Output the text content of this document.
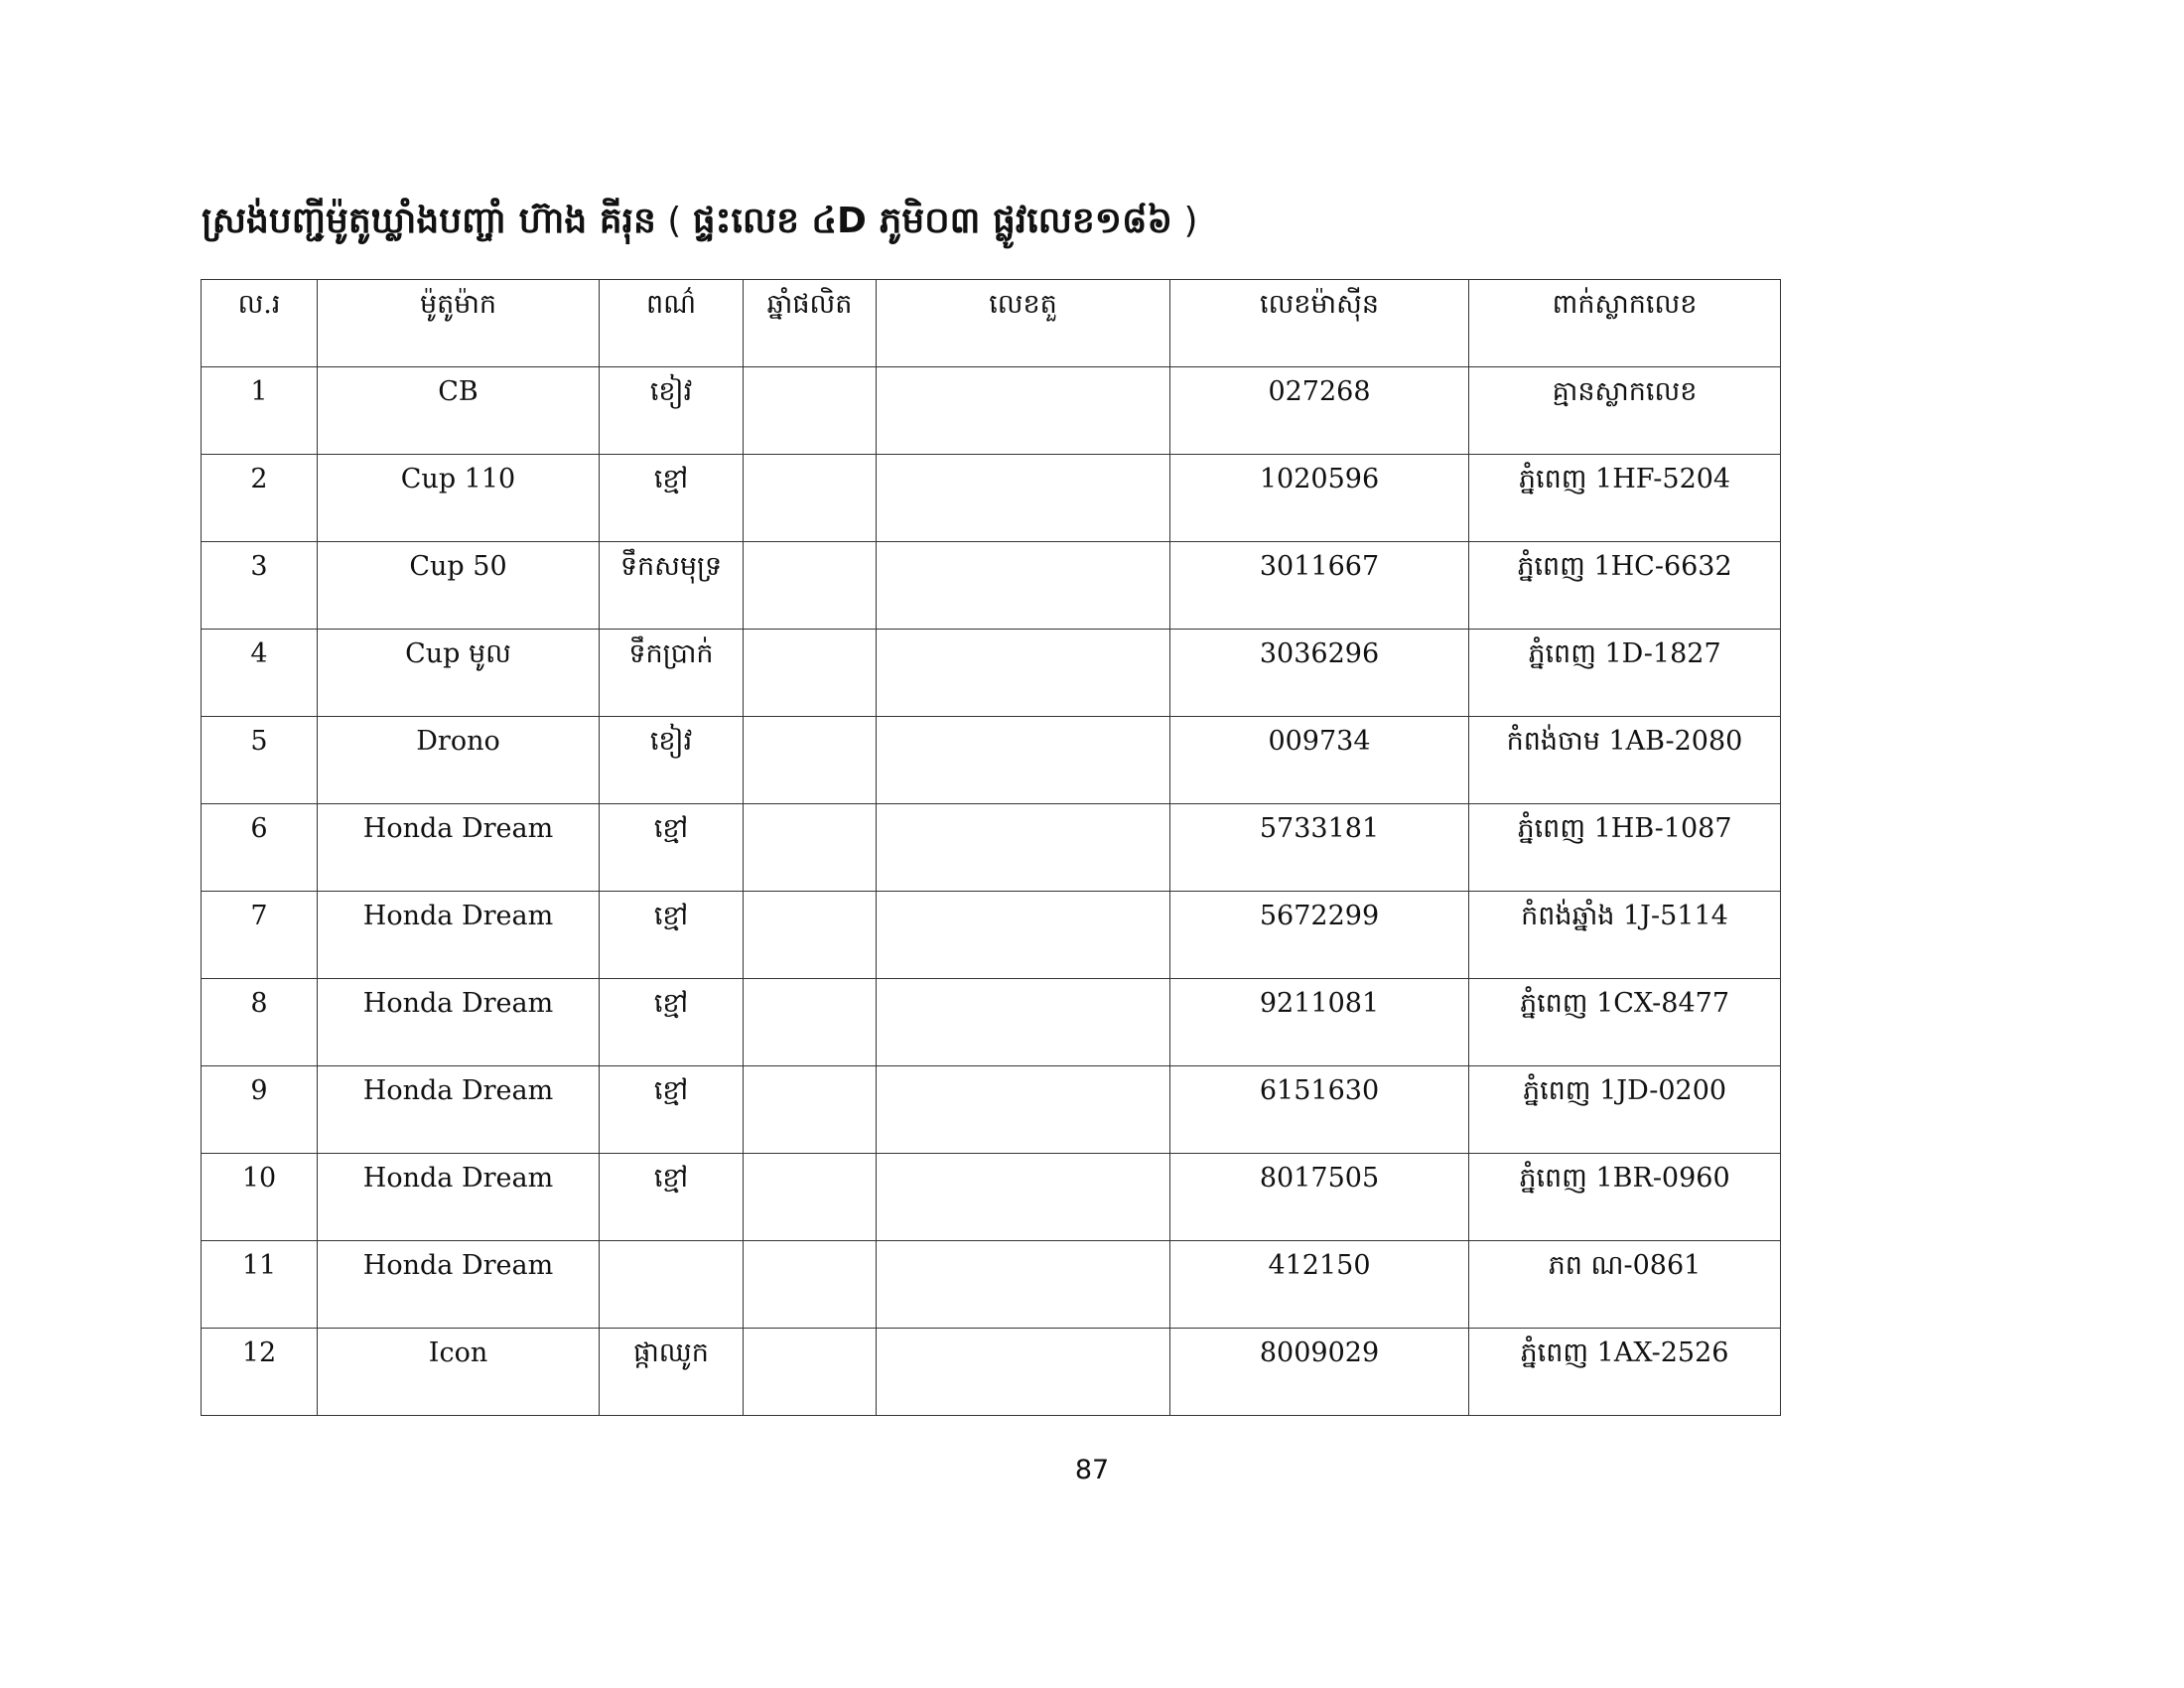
ស្រង់បញ្ជីម៉ូតូឃ្លាំងបញ្ចាំ ហ៊ាង គីរុន ( ផ្ទះលេខ ៤D ភូមិ០៣ ផ្លូវលេខ១៨៦ )
ល.រ	ម៉ូតូម៉ាក	ពណ៌	ឆ្នាំផលិត	លេខតួ	លេខម៉ាស៊ីន	ពាក់ស្លាកលេខ

1	CB	ខៀវ			027268	គ្មានស្លាកលេខ

2	Cup 110	ខ្មៅ			1020596	ភ្នំពេញ 1HF-5204

3	Cup 50	ទឹកសមុទ្រ			3011667	ភ្នំពេញ 1HC-6632

4	Cup មូល	ទឹកប្រាក់			3036296	ភ្នំពេញ 1D-1827

5	Drono	ខៀវ			009734	កំពង់ចាម 1AB-2080

6	Honda Dream	ខ្មៅ			5733181	ភ្នំពេញ 1HB-1087

7	Honda Dream	ខ្មៅ			5672299	កំពង់ឆ្នាំង 1J-5114

8	Honda Dream	ខ្មៅ			9211081	ភ្នំពេញ 1CX-8477

9	Honda Dream	ខ្មៅ			6151630	ភ្នំពេញ 1JD-0200

10	Honda Dream	ខ្មៅ			8017505	ភ្នំពេញ 1BR-0960

11	Honda Dream				412150	ភព ណ-0861

12	Icon	ផ្កាឈូក			8009029	ភ្នំពេញ 1AX-2526
87
